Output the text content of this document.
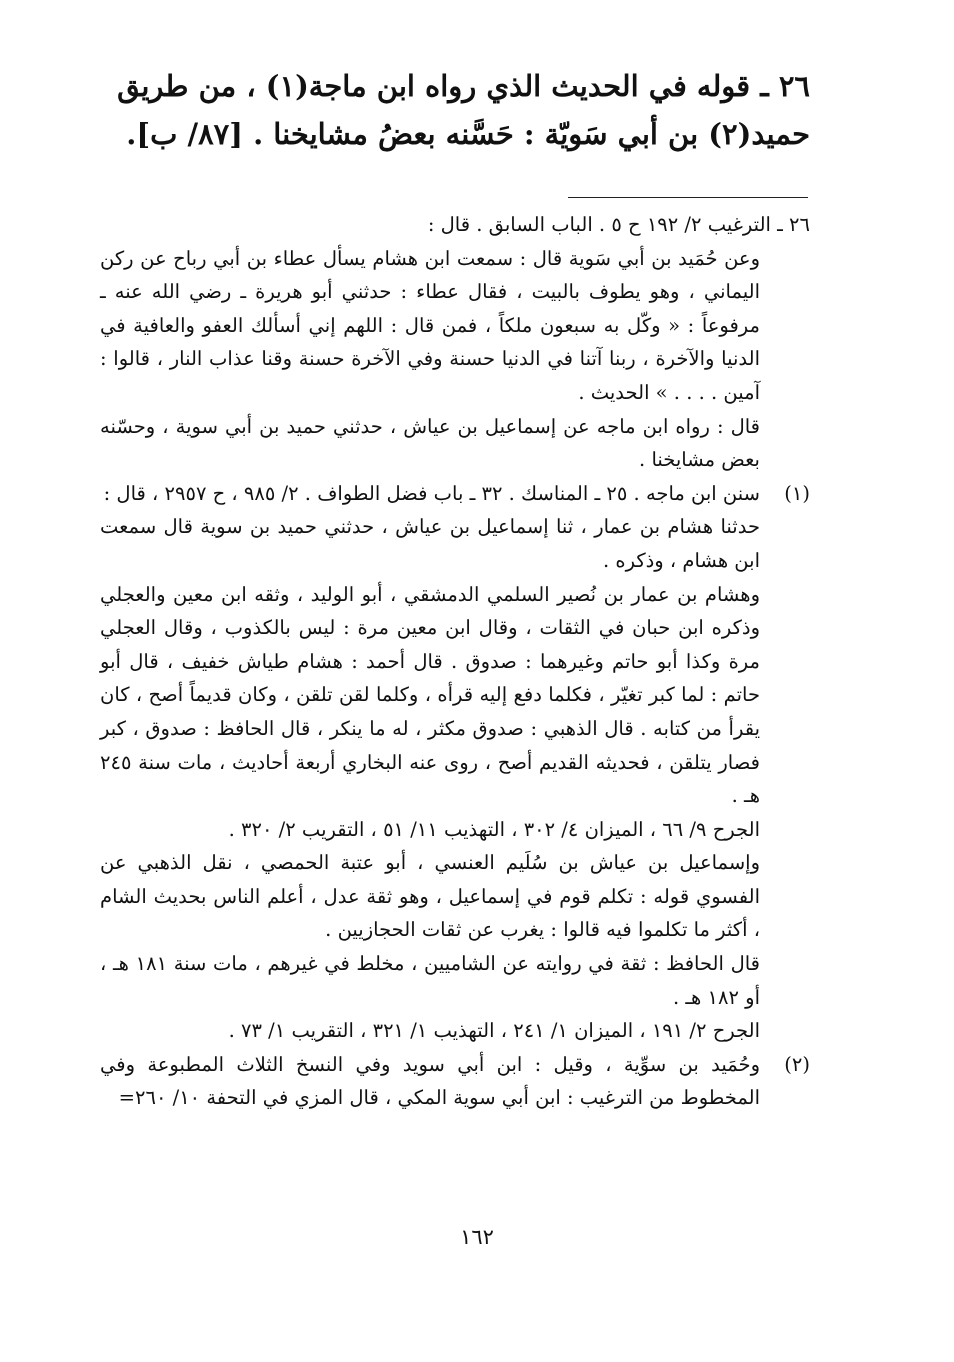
٢٦ ـ قوله في الحديث الذي رواه ابن ماجة(١) ، من طريق

حميد(٢) بن أبي سَويّة : حَسَّنه بعضُ مشايخنا . [٨٧/ ب].

٢٦ ـ الترغيب ٢/ ١٩٢ ح ٥ . الباب السابق . قال :

وعن حُمَيد بن أبي سَوية قال : سمعت ابن هشام يسأل عطاء بن أبي رباح عن ركن اليماني ، وهو يطوف بالبيت ، فقال عطاء : حدثني أبو هريرة ـ رضي الله عنه ـ مرفوعاً : « وكّل به سبعون ملكاً ، فمن قال : اللهم إني أسألك العفو والعافية في الدنيا والآخرة ، ربنا آتنا في الدنيا حسنة وفي الآخرة حسنة وقنا عذاب النار ، قالوا : آمين . . . . » الحديث .

قال : رواه ابن ماجه عن إسماعيل بن عياش ، حدثني حميد بن أبي سوية ، وحسّنه بعض مشايخنا .

(١)

سنن ابن ماجه . ٢٥ ـ المناسك . ٣٢ ـ باب فضل الطواف . ٢/ ٩٨٥ ، ح ٢٩٥٧ ، قال :

حدثنا هشام بن عمار ، ثنا إسماعيل بن عياش ، حدثني حميد بن سوية قال سمعت ابن هشام ، وذكره .

وهشام بن عمار بن نُصير السلمي الدمشقي ، أبو الوليد ، وثقه ابن معين والعجلي وذكره ابن حبان في الثقات ، وقال ابن معين مرة : ليس بالكذوب ، وقال العجلي مرة وكذا أبو حاتم وغيرهما : صدوق . قال أحمد : هشام طياش خفيف ، قال أبو حاتم : لما كبر تغيّر ، فكلما دفع إليه قرأه ، وكلما لقن تلقن ، وكان قديماً أصح ، كان يقرأ من كتابه . قال الذهبي : صدوق مكثر ، له ما ينكر ، قال الحافظ : صدوق ، كبر فصار يتلقن ، فحديثه القديم أصح ، روى عنه البخاري أربعة أحاديث ، مات سنة ٢٤٥ هـ .

الجرح ٩/ ٦٦ ، الميزان ٤/ ٣٠٢ ، التهذيب ١١/ ٥١ ، التقريب ٢/ ٣٢٠ .

وإسماعيل بن عياش بن سُلَيم العنسي ، أبو عتبة الحمصي ، نقل الذهبي عن الفسوي قوله : تكلم قوم في إسماعيل ، وهو ثقة عدل ، أعلم الناس بحديث الشام ، أكثر ما تكلموا فيه قالوا : يغرب عن ثقات الحجازيين .

قال الحافظ : ثقة في روايته عن الشاميين ، مخلط في غيرهم ، مات سنة ١٨١ هـ ، أو ١٨٢ هـ .

الجرح ٢/ ١٩١ ، الميزان ١/ ٢٤١ ، التهذيب ١/ ٣٢١ ، التقريب ١/ ٧٣ .

(٢)

وحُمَيد بن سوِّية ، وقيل : ابن أبي سويد وفي النسخ الثلاث المطبوعة وفي المخطوط من الترغيب : ابن أبي سوية المكي ، قال المزي في التحفة ١٠/ ٢٦٠=

١٦٢
